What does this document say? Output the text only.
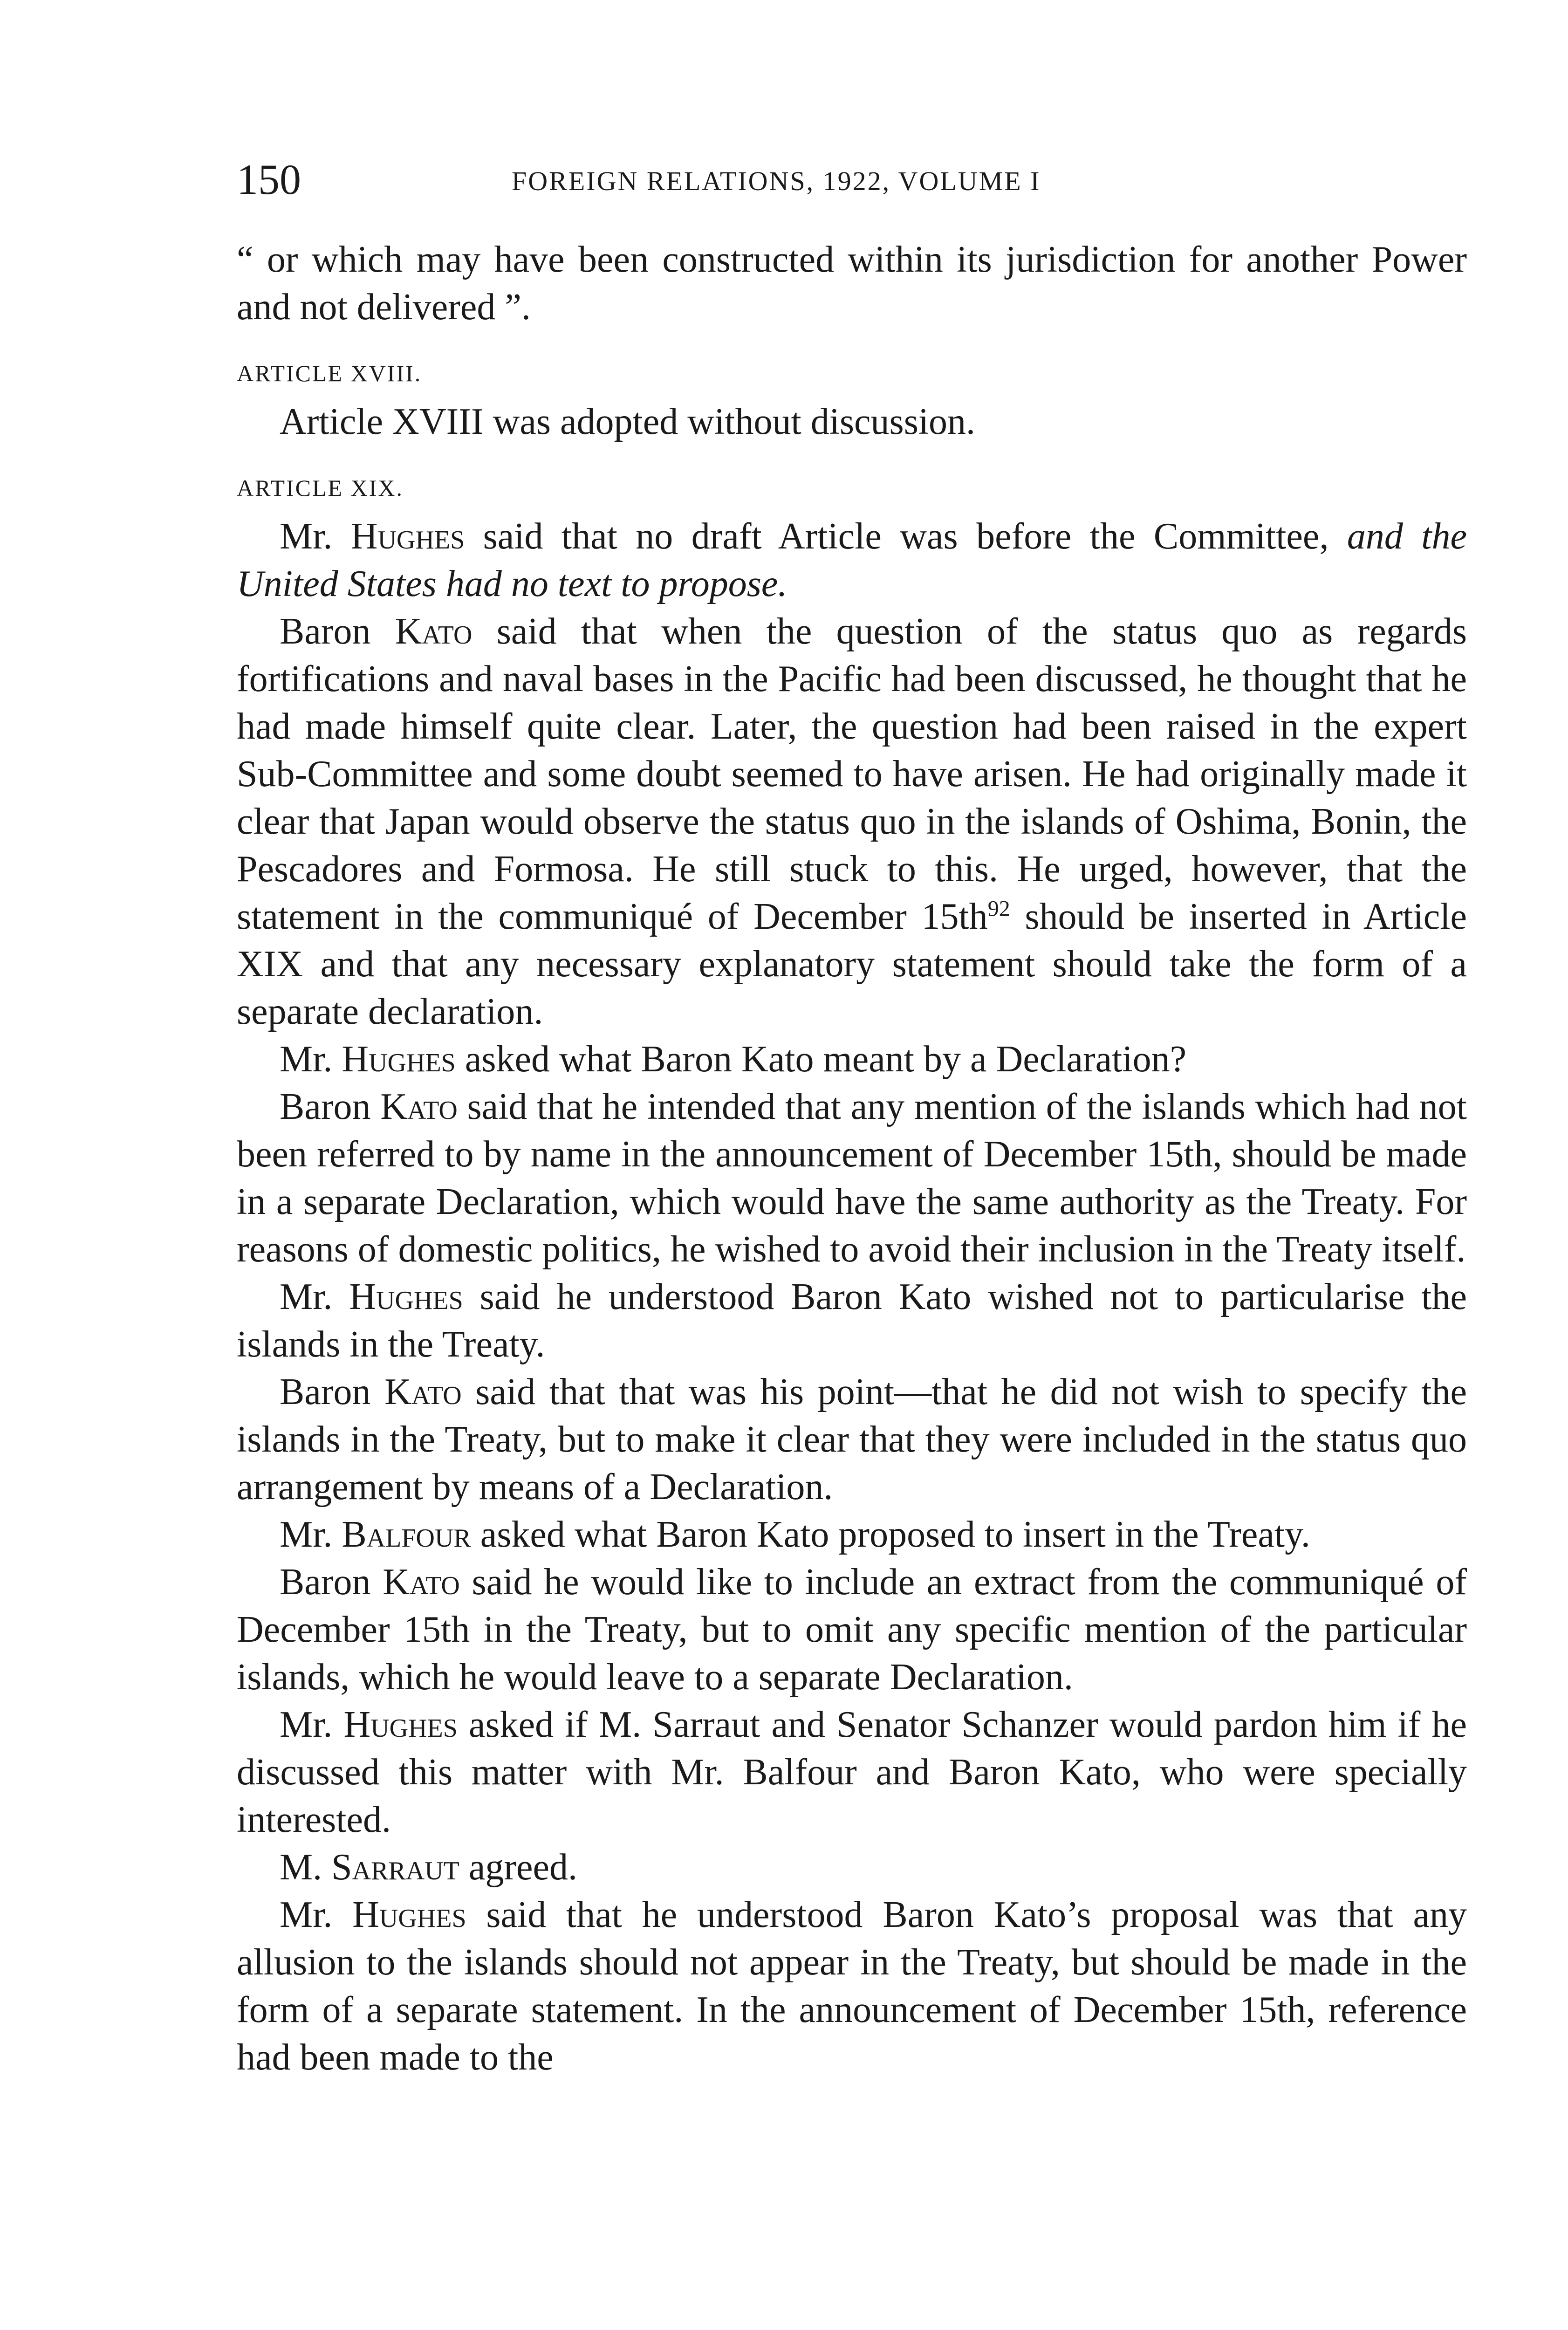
150	FOREIGN RELATIONS, 1922, VOLUME I

“ or which may have been constructed within its jurisdiction for another Power and not delivered ”.

ARTICLE XVIII.

Article XVIII was adopted without discussion.

ARTICLE XIX.

Mr. Hughes said that no draft Article was before the Committee, and the United States had no text to propose.

Baron Kato said that when the question of the status quo as regards fortifications and naval bases in the Pacific had been discussed, he thought that he had made himself quite clear. Later, the question had been raised in the expert Sub-Committee and some doubt seemed to have arisen. He had originally made it clear that Japan would observe the status quo in the islands of Oshima, Bonin, the Pescadores and Formosa. He still stuck to this. He urged, however, that the statement in the communiqué of December 15th$^{92}$ should be inserted in Article XIX and that any necessary explanatory statement should take the form of a separate declaration.

Mr. Hughes asked what Baron Kato meant by a Declaration?

Baron Kato said that he intended that any mention of the islands which had not been referred to by name in the announcement of December 15th, should be made in a separate Declaration, which would have the same authority as the Treaty. For reasons of domestic politics, he wished to avoid their inclusion in the Treaty itself.

Mr. Hughes said he understood Baron Kato wished not to particularise the islands in the Treaty.

Baron Kato said that that was his point—that he did not wish to specify the islands in the Treaty, but to make it clear that they were included in the status quo arrangement by means of a Declaration.

Mr. Balfour asked what Baron Kato proposed to insert in the Treaty.

Baron Kato said he would like to include an extract from the communiqué of December 15th in the Treaty, but to omit any specific mention of the particular islands, which he would leave to a separate Declaration.

Mr. Hughes asked if M. Sarraut and Senator Schanzer would pardon him if he discussed this matter with Mr. Balfour and Baron Kato, who were specially interested.

M. Sarraut agreed.

Mr. Hughes said that he understood Baron Kato’s proposal was that any allusion to the islands should not appear in the Treaty, but should be made in the form of a separate statement. In the announcement of December 15th, reference had been made to the
